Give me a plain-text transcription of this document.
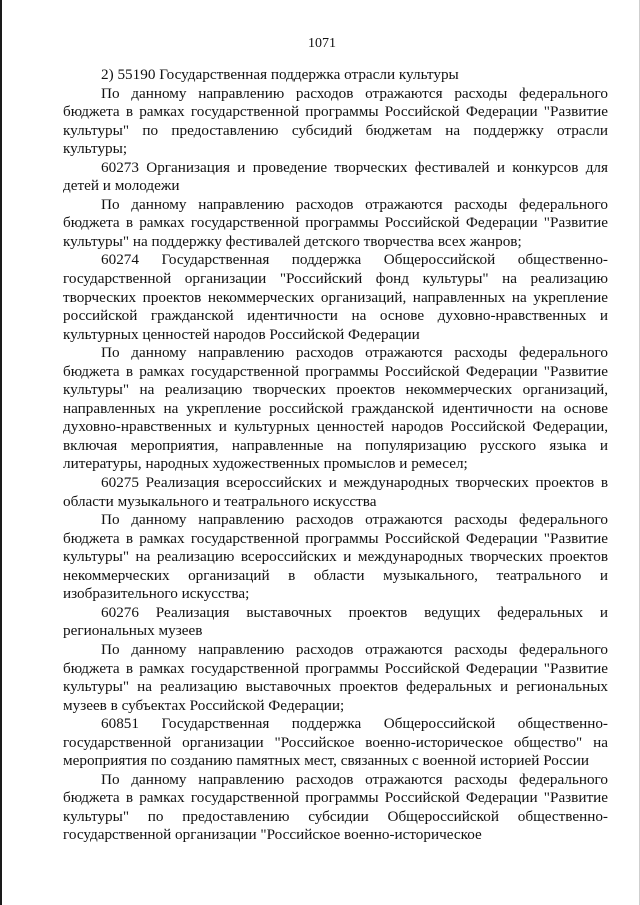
1071

2) 55190 Государственная поддержка отрасли культуры

По данному направлению расходов отражаются расходы федерального бюджета в рамках государственной программы Российской Федерации "Развитие культуры" по предоставлению субсидий бюджетам на поддержку отрасли культуры;

60273 Организация и проведение творческих фестивалей и конкурсов для детей и молодежи

По данному направлению расходов отражаются расходы федерального бюджета в рамках государственной программы Российской Федерации "Развитие культуры" на поддержку фестивалей детского творчества всех жанров;

60274 Государственная поддержка Общероссийской общественно-государственной организации "Российский фонд культуры" на реализацию творческих проектов некоммерческих организаций, направленных на укрепление российской гражданской идентичности на основе духовно-нравственных и культурных ценностей народов Российской Федерации

По данному направлению расходов отражаются расходы федерального бюджета в рамках государственной программы Российской Федерации "Развитие культуры" на реализацию творческих проектов некоммерческих организаций, направленных на укрепление российской гражданской идентичности на основе духовно-нравственных и культурных ценностей народов Российской Федерации, включая мероприятия, направленные на популяризацию русского языка и литературы, народных художественных промыслов и ремесел;

60275 Реализация всероссийских и международных творческих проектов в области музыкального и театрального искусства

По данному направлению расходов отражаются расходы федерального бюджета в рамках государственной программы Российской Федерации "Развитие культуры" на реализацию всероссийских и международных творческих проектов некоммерческих организаций в области музыкального, театрального и изобразительного искусства;

60276 Реализация выставочных проектов ведущих федеральных и региональных музеев

По данному направлению расходов отражаются расходы федерального бюджета в рамках государственной программы Российской Федерации "Развитие культуры" на реализацию выставочных проектов федеральных и региональных музеев в субъектах Российской Федерации;

60851 Государственная поддержка Общероссийской общественно-государственной организации "Российское военно-историческое общество" на мероприятия по созданию памятных мест, связанных с военной историей России

По данному направлению расходов отражаются расходы федерального бюджета в рамках государственной программы Российской Федерации "Развитие культуры" по предоставлению субсидии Общероссийской общественно-государственной организации "Российское военно-историческое
